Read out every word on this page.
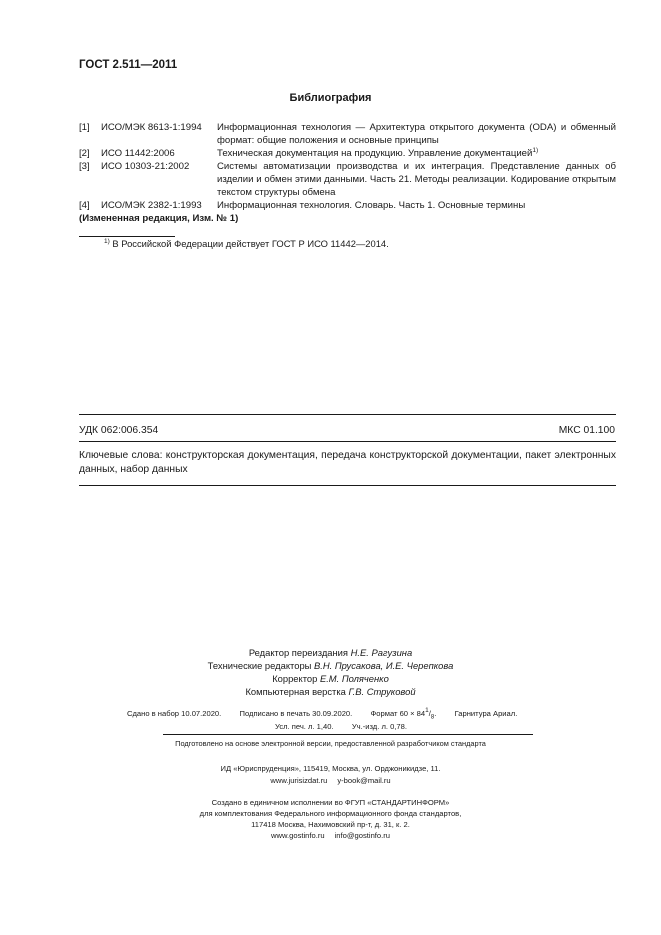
ГОСТ 2.511—2011
Библиография
[1] ИСО/МЭК 8613-1:1994 Информационная технология — Архитектура открытого документа (ODA) и обменный формат: общие положения и основные принципы
[2] ИСО 11442:2006	Техническая документация на продукцию. Управление документацией$^{1)}$
[3] ИСО 10303-21:2002	Системы автоматизации производства и их интеграция. Представление данных об изделии и обмен этими данными. Часть 21. Методы реализации. Кодирование открытым текстом структуры обмена
[4] ИСО/МЭК 2382-1:1993 Информационная технология. Словарь. Часть 1. Основные термины
(Измененная редакция, Изм. № 1)
$^{1)}$ В Российской Федерации действует ГОСТ Р ИСО 11442—2014.
УДК 062:006.354	МКС 01.100
Ключевые слова: конструкторская документация, передача конструкторской документации, пакет электронных данных, набор данных
Редактор переиздания Н.Е. Рагузина
Технические редакторы В.Н. Прусакова, И.Е. Черепкова
Корректор Е.М. Поляченко
Компьютерная верстка Г.В. Струковой
Сдано в набор 10.07.2020. Подписано в печать 30.09.2020. Формат $60 \times 84^1/_8$. Гарнитура Ариал.
Усл. печ. л. 1,40. Уч.-изд. л. 0,78.
Подготовлено на основе электронной версии, предоставленной разработчиком стандарта
ИД «Юриспруденция», 115419, Москва, ул. Орджоникидзе, 11.
www.jurisizdat.ru y-book@mail.ru
Создано в единичном исполнении во ФГУП «СТАНДАРТИНФОРМ»
для комплектования Федерального информационного фонда стандартов,
117418 Москва, Нахимовский пр-т, д. 31, к. 2.
www.gostinfo.ru info@gostinfo.ru
